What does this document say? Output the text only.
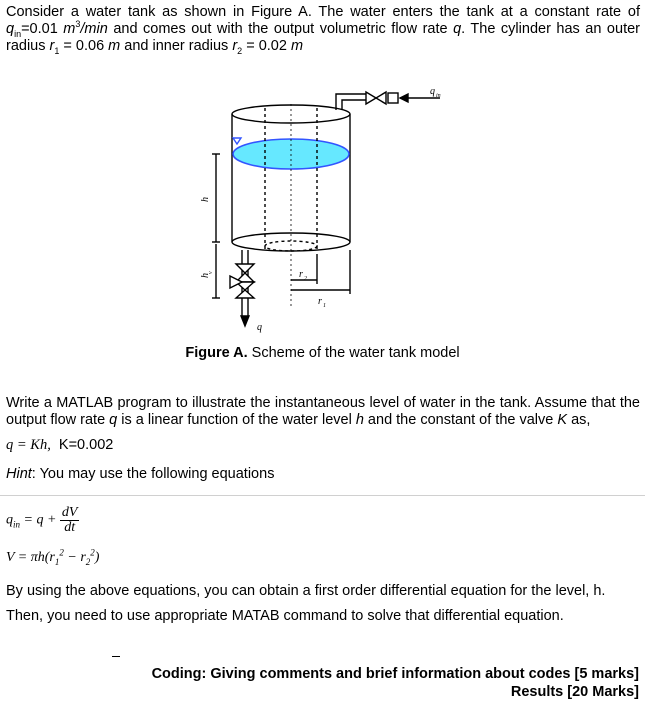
Consider a water tank as shown in Figure A. The water enters the tank at a constant rate of $q_{in}=0.01$ $m^3/\min$ and comes out with the output volumetric flow rate q. The cylinder has an outer radius $r_1 = 0.06$ m and inner radius $r_2 = 0.02$ m
q in
h
h
v	r 2
r 1
q
Figure A. Scheme of the water tank model
Write a MATLAB program to illustrate the instantaneous level of water in the tank. Assume that the output flow rate q is a linear function of the water level h and the constant of the valve K as,
q = Kh, K=0.002
Hint: You may use the following equations
$q_{in} = q + \frac{dV}{dt}$
$V = \pi h(r_1^2 - r_2^2)$
By using the above equations, you can obtain a first order differential equation for the level, h.
Then, you need to use appropriate MATAB command to solve that differential equation.
Coding: Giving comments and brief information about codes [5 marks]
Results [20 Marks]
